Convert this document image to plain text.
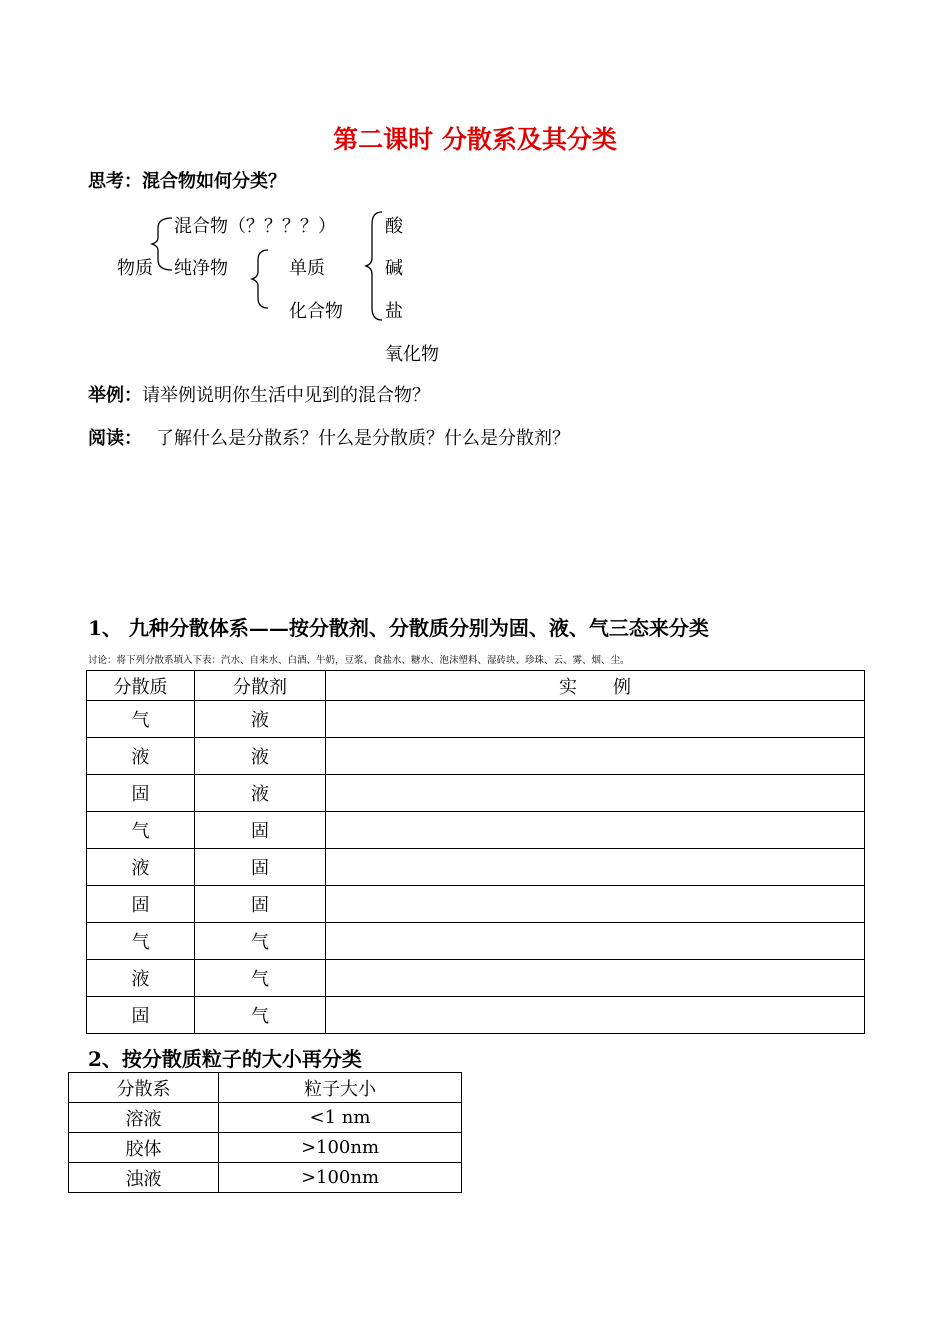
第二课时 分散系及其分类
思考：混合物如何分类？
物质
混合物（？？？？）
纯净物	单质
化合物
酸
碱
盐
氧化物
举例：请举例说明你生活中见到的混合物？
阅读： 了解什么是分散系？什么是分散质？什么是分散剂？
1、 九种分散体系——按分散剂、分散质分别为固、液、气三态来分类
讨论：将下列分散系填入下表：汽水、自来水、白酒、牛奶，豆浆、食盐水、糖水、泡沫塑料、湿砖块、珍珠、云、雾、烟、尘。
分散质	分散剂	实　　例
气	液	
液	液	
固	液	
气	固	
液	固	
固	固	
气	气	
液	气	
固	气	
2、按分散质粒子的大小再分类
分散系	粒子大小
溶液	<1 nm
胶体	>100nm
浊液	>100nm
